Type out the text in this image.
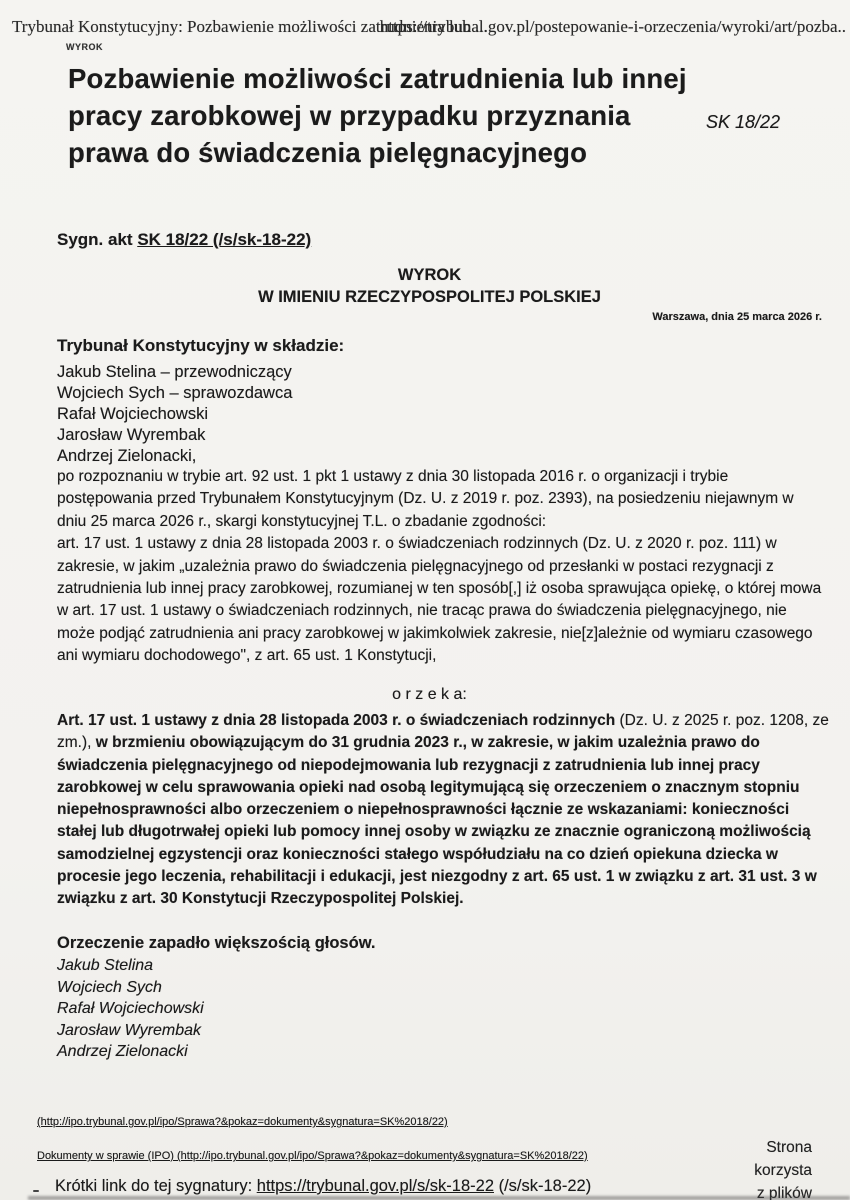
Trybunał Konstytucyjny: Pozbawienie możliwości zatrudnienia lub ...
WYROK
https://trybunal.gov.pl/postepowanie-i-orzeczenia/wyroki/art/pozba..
Pozbawienie możliwości zatrudnienia lub innej pracy zarobkowej w przypadku przyznania prawa do świadczenia pielęgnacyjnego
SK 18/22
Sygn. akt SK 18/22 (/s/sk-18-22)
WYROK
W IMIENIU RZECZYPOSPOLITEJ POLSKIEJ
Warszawa, dnia 25 marca 2026 r.
Trybunał Konstytucyjny w składzie:
Jakub Stelina – przewodniczący
Wojciech Sych – sprawozdawca
Rafał Wojciechowski
Jarosław Wyrembak
Andrzej Zielonacki,
po rozpoznaniu w trybie art. 92 ust. 1 pkt 1 ustawy z dnia 30 listopada 2016 r. o organizacji i trybie postępowania przed Trybunałem Konstytucyjnym (Dz. U. z 2019 r. poz. 2393), na posiedzeniu niejawnym w dniu 25 marca 2026 r., skargi konstytucyjnej T.L. o zbadanie zgodności:
art. 17 ust. 1 ustawy z dnia 28 listopada 2003 r. o świadczeniach rodzinnych (Dz. U. z 2020 r. poz. 111) w zakresie, w jakim „uzależnia prawo do świadczenia pielęgnacyjnego od przesłanki w postaci rezygnacji z zatrudnienia lub innej pracy zarobkowej, rozumianej w ten sposób[,] iż osoba sprawująca opiekę, o której mowa w art. 17 ust. 1 ustawy o świadczeniach rodzinnych, nie tracąc prawa do świadczenia pielęgnacyjnego, nie może podjąć zatrudnienia ani pracy zarobkowej w jakimkolwiek zakresie, nie[z]ależnie od wymiaru czasowego ani wymiaru dochodowego", z art. 65 ust. 1 Konstytucji,
o r z e k a:
Art. 17 ust. 1 ustawy z dnia 28 listopada 2003 r. o świadczeniach rodzinnych (Dz. U. z 2025 r. poz. 1208, ze zm.), w brzmieniu obowiązującym do 31 grudnia 2023 r., w zakresie, w jakim uzależnia prawo do świadczenia pielęgnacyjnego od niepodejmowania lub rezygnacji z zatrudnienia lub innej pracy zarobkowej w celu sprawowania opieki nad osobą legitymującą się orzeczeniem o znacznym stopniu niepełnosprawności albo orzeczeniem o niepełnosprawności łącznie ze wskazaniami: konieczności stałej lub długotrwałej opieki lub pomocy innej osoby w związku ze znacznie ograniczoną możliwością samodzielnej egzystencji oraz konieczności stałego współudziału na co dzień opiekuna dziecka w procesie jego leczenia, rehabilitacji i edukacji, jest niezgodny z art. 65 ust. 1 w związku z art. 31 ust. 3 w związku z art. 30 Konstytucji Rzeczypospolitej Polskiej.
Orzeczenie zapadło większością głosów.
Jakub Stelina
Wojciech Sych
Rafał Wojciechowski
Jarosław Wyrembak
Andrzej Zielonacki
(http://ipo.trybunal.gov.pl/ipo/Sprawa?&pokaz=dokumenty&sygnatura=SK%2018/22)
Dokumenty w sprawie (IPO) (http://ipo.trybunal.gov.pl/ipo/Sprawa?&pokaz=dokumenty&sygnatura=SK%2018/22)	Strona
korzysta
z plików
Krótki link do tej sygnatury: https://trybunal.gov.pl/s/sk-18-22 (/s/sk-18-22)
